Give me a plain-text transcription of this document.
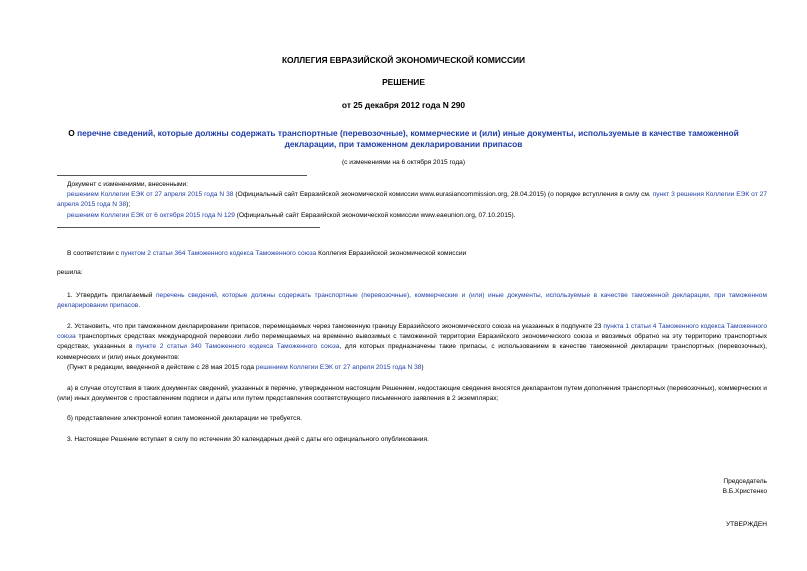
КОЛЛЕГИЯ ЕВРАЗИЙСКОЙ ЭКОНОМИЧЕСКОЙ КОМИССИИ
РЕШЕНИЕ
от 25 декабря 2012 года N 290
О перечне сведений, которые должны содержать транспортные (перевозочные), коммерческие и (или) иные документы, используемые в качестве таможенной декларации, при таможенном декларировании припасов
(с изменениями на 6 октября 2015 года)
Документ с изменениями, внесенными:
решением Коллегии ЕЭК от 27 апреля 2015 года N 38 (Официальный сайт Евразийской экономической комиссии www.eurasiancommission.org, 28.04.2015) (о порядке вступления в силу см. пункт 3 решения Коллегии ЕЭК от 27 апреля 2015 года N 38);
решением Коллегии ЕЭК от 6 октября 2015 года N 129 (Официальный сайт Евразийской экономической комиссии www.eaeunion.org, 07.10.2015).
В соответствии с пунктом 2 статьи 364 Таможенного кодекса Таможенного союза Коллегия Евразийской экономической комиссии
решила:
1. Утвердить прилагаемый перечень сведений, которые должны содержать транспортные (перевозочные), коммерческие и (или) иные документы, используемые в качестве таможенной декларации, при таможенном декларировании припасов.
2. Установить, что при таможенном декларировании припасов, перемещаемых через таможенную границу Евразийского экономического союза на указанных в подпункте 23 пункта 1 статьи 4 Таможенного кодекса Таможенного союза транспортных средствах международной перевозки либо перемещаемых на временно вывозимых с таможенной территории Евразийского экономического союза и ввозимых обратно на эту территорию транспортных средствах, указанных в пункте 2 статьи 340 Таможенного кодекса Таможенного союза, для которых предназначены такие припасы, с использованием в качестве таможенной декларации транспортных (перевозочных), коммерческих и (или) иных документов:
(Пункт в редакции, введенной в действие с 28 мая 2015 года решением Коллегии ЕЭК от 27 апреля 2015 года N 38)
а) в случае отсутствия в таких документах сведений, указанных в перечне, утвержденном настоящим Решением, недостающие сведения вносятся декларантом путем дополнения транспортных (перевозочных), коммерческих и (или) иных документов с проставлением подписи и даты или путем представления соответствующего письменного заявления в 2 экземплярах;
б) представление электронной копии таможенной декларации не требуется.
3. Настоящее Решение вступает в силу по истечении 30 календарных дней с даты его официального опубликования.
Председатель
В.Б.Христенко
УТВЕРЖДЕН
